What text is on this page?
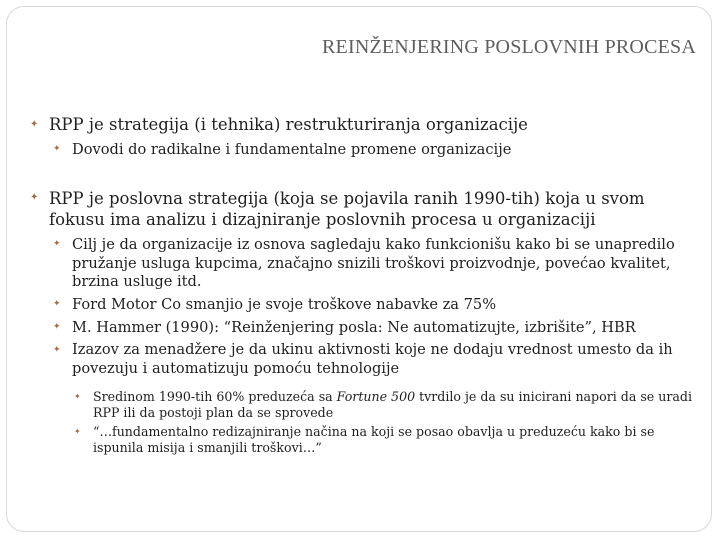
REINŽENJERING POSLOVNIH PROCESA
✦
RPP je strategija (i tehnika) restrukturiranja organizacije
✦
Dovodi do radikalne i fundamentalne promene organizacije
✦
RPP je poslovna strategija (koja se pojavila ranih 1990-tih) koja u svom fokusu ima analizu i dizajniranje poslovnih procesa u organizaciji
✦
Cilj je da organizacije iz osnova sagledaju kako funkcionišu kako bi se unapredilo pružanje usluga kupcima, značajno snizili troškovi proizvodnje, povećao kvalitet, brzina usluge itd.
✦
Ford Motor Co smanjio je svoje troškove nabavke za 75%
✦
M. Hammer (1990): “Reinženjering posla: Ne automatizujte, izbrišite”, HBR
✦
Izazov za menadžere je da ukinu aktivnosti koje ne dodaju vrednost umesto da ih povezuju i automatizuju pomoću tehnologije
✦
Sredinom 1990-tih 60% preduzeća sa Fortune 500 tvrdilo je da su inicirani napori da se uradi RPP ili da postoji plan da se sprovede
✦
“…fundamentalno redizajniranje načina na koji se posao obavlja u preduzeću kako bi se ispunila misija i smanjili troškovi…”
